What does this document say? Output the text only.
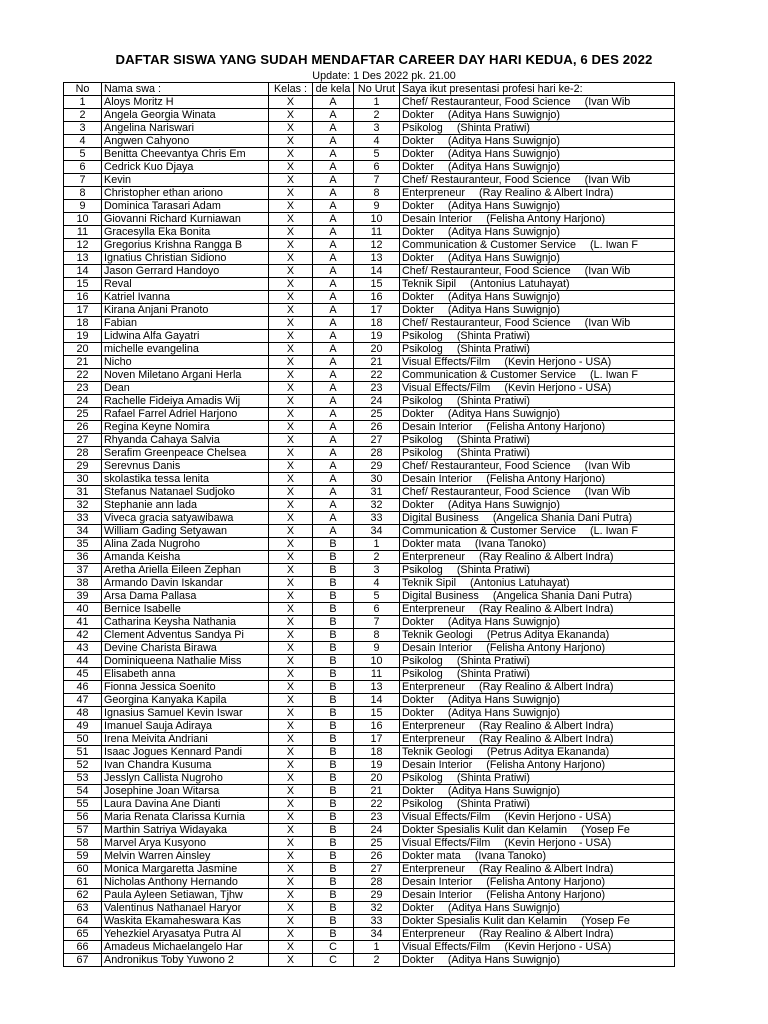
DAFTAR SISWA YANG SUDAH MENDAFTAR CAREER DAY HARI KEDUA, 6 DES 2022
Update: 1 Des 2022 pk. 21.00
No	Nama swa :	Kelas :	de kela	No Urut	Saya ikut presentasi profesi hari ke-2:
1	Aloys Moritz H	X	A	1	Chef/ Restauranteur, Food Science (Ivan Wib
2	Angela Georgia Winata	X	A	2	Dokter (Aditya Hans Suwignjo)
3	Angelina Nariswari	X	A	3	Psikolog (Shinta Pratiwi)
4	Angwen Cahyono	X	A	4	Dokter (Aditya Hans Suwignjo)
5	Benitta Cheevantya Chris Em	X	A	5	Dokter (Aditya Hans Suwignjo)
6	Cedrick Kuo Djaya	X	A	6	Dokter (Aditya Hans Suwignjo)
7	Kevin	X	A	7	Chef/ Restauranteur, Food Science (Ivan Wib
8	Christopher ethan ariono	X	A	8	Enterpreneur (Ray Realino & Albert Indra)
9	Dominica Tarasari Adam	X	A	9	Dokter (Aditya Hans Suwignjo)
10	Giovanni Richard Kurniawan	X	A	10	Desain Interior (Felisha Antony Harjono)
11	Gracesylla Eka Bonita	X	A	11	Dokter (Aditya Hans Suwignjo)
12	Gregorius Krishna Rangga B	X	A	12	Communication & Customer Service (L. Iwan F
13	Ignatius Christian Sidiono	X	A	13	Dokter (Aditya Hans Suwignjo)
14	Jason Gerrard Handoyo	X	A	14	Chef/ Restauranteur, Food Science (Ivan Wib
15	Reval	X	A	15	Teknik Sipil (Antonius Latuhayat)
16	Katriel Ivanna	X	A	16	Dokter (Aditya Hans Suwignjo)
17	Kirana Anjani Pranoto	X	A	17	Dokter (Aditya Hans Suwignjo)
18	Fabian	X	A	18	Chef/ Restauranteur, Food Science (Ivan Wib
19	Lidwina Alfa Gayatri	X	A	19	Psikolog (Shinta Pratiwi)
20	michelle evangelina	X	A	20	Psikolog (Shinta Pratiwi)
21	Nicho	X	A	21	Visual Effects/Film (Kevin Herjono - USA)
22	Noven Miletano Argani Herla	X	A	22	Communication & Customer Service (L. Iwan F
23	Dean	X	A	23	Visual Effects/Film (Kevin Herjono - USA)
24	Rachelle Fideiya Amadis Wij	X	A	24	Psikolog (Shinta Pratiwi)
25	Rafael Farrel Adriel Harjono	X	A	25	Dokter (Aditya Hans Suwignjo)
26	Regina Keyne Nomira	X	A	26	Desain Interior (Felisha Antony Harjono)
27	Rhyanda Cahaya Salvia	X	A	27	Psikolog (Shinta Pratiwi)
28	Serafim Greenpeace Chelsea	X	A	28	Psikolog (Shinta Pratiwi)
29	Serevnus Danis	X	A	29	Chef/ Restauranteur, Food Science (Ivan Wib
30	skolastika tessa lenita	X	A	30	Desain Interior (Felisha Antony Harjono)
31	Stefanus Natanael Sudjoko	X	A	31	Chef/ Restauranteur, Food Science (Ivan Wib
32	Stephanie ann lada	X	A	32	Dokter (Aditya Hans Suwignjo)
33	Viveca gracia satyawibawa	X	A	33	Digital Business (Angelica Shania Dani Putra)
34	William Gading Setyawan	X	A	34	Communication & Customer Service (L. Iwan F
35	Alina Zada Nugroho	X	B	1	Dokter mata (Ivana Tanoko)
36	Amanda Keisha	X	B	2	Enterpreneur (Ray Realino & Albert Indra)
37	Aretha Ariella Eileen Zephan	X	B	3	Psikolog (Shinta Pratiwi)
38	Armando Davin Iskandar	X	B	4	Teknik Sipil (Antonius Latuhayat)
39	Arsa Dama Pallasa	X	B	5	Digital Business (Angelica Shania Dani Putra)
40	Bernice Isabelle	X	B	6	Enterpreneur (Ray Realino & Albert Indra)
41	Catharina Keysha Nathania	X	B	7	Dokter (Aditya Hans Suwignjo)
42	Clement Adventus Sandya Pi	X	B	8	Teknik Geologi (Petrus Aditya Ekananda)
43	Devine Charista Birawa	X	B	9	Desain Interior (Felisha Antony Harjono)
44	Dominiqueena Nathalie Miss	X	B	10	Psikolog (Shinta Pratiwi)
45	Elisabeth anna	X	B	11	Psikolog (Shinta Pratiwi)
46	Fionna Jessica Soenito	X	B	13	Enterpreneur (Ray Realino & Albert Indra)
47	Georgina Kanyaka Kapila	X	B	14	Dokter (Aditya Hans Suwignjo)
48	Ignasius Samuel Kevin Iswar	X	B	15	Dokter (Aditya Hans Suwignjo)
49	Imanuel Sauja Adiraya	X	B	16	Enterpreneur (Ray Realino & Albert Indra)
50	Irena Meivita Andriani	X	B	17	Enterpreneur (Ray Realino & Albert Indra)
51	Isaac Jogues Kennard Pandi	X	B	18	Teknik Geologi (Petrus Aditya Ekananda)
52	Ivan Chandra Kusuma	X	B	19	Desain Interior (Felisha Antony Harjono)
53	Jesslyn Callista Nugroho	X	B	20	Psikolog (Shinta Pratiwi)
54	Josephine Joan Witarsa	X	B	21	Dokter (Aditya Hans Suwignjo)
55	Laura Davina Ane Dianti	X	B	22	Psikolog (Shinta Pratiwi)
56	Maria Renata Clarissa Kurnia	X	B	23	Visual Effects/Film (Kevin Herjono - USA)
57	Marthin Satriya Widayaka	X	B	24	Dokter Spesialis Kulit dan Kelamin (Yosep Fe
58	Marvel Arya Kusyono	X	B	25	Visual Effects/Film (Kevin Herjono - USA)
59	Melvin Warren Ainsley	X	B	26	Dokter mata (Ivana Tanoko)
60	Monica Margaretta Jasmine	X	B	27	Enterpreneur (Ray Realino & Albert Indra)
61	Nicholas Anthony Hernando	X	B	28	Desain Interior (Felisha Antony Harjono)
62	Paula Ayleen Setiawan, Tjhw	X	B	29	Desain Interior (Felisha Antony Harjono)
63	Valentinus Nathanael Haryor	X	B	32	Dokter (Aditya Hans Suwignjo)
64	Waskita Ekamaheswara Kas	X	B	33	Dokter Spesialis Kulit dan Kelamin (Yosep Fe
65	Yehezkiel Aryasatya Putra Al	X	B	34	Enterpreneur (Ray Realino & Albert Indra)
66	Amadeus Michaelangelo Har	X	C	1	Visual Effects/Film (Kevin Herjono - USA)
67	Andronikus Toby Yuwono 2	X	C	2	Dokter (Aditya Hans Suwignjo)
